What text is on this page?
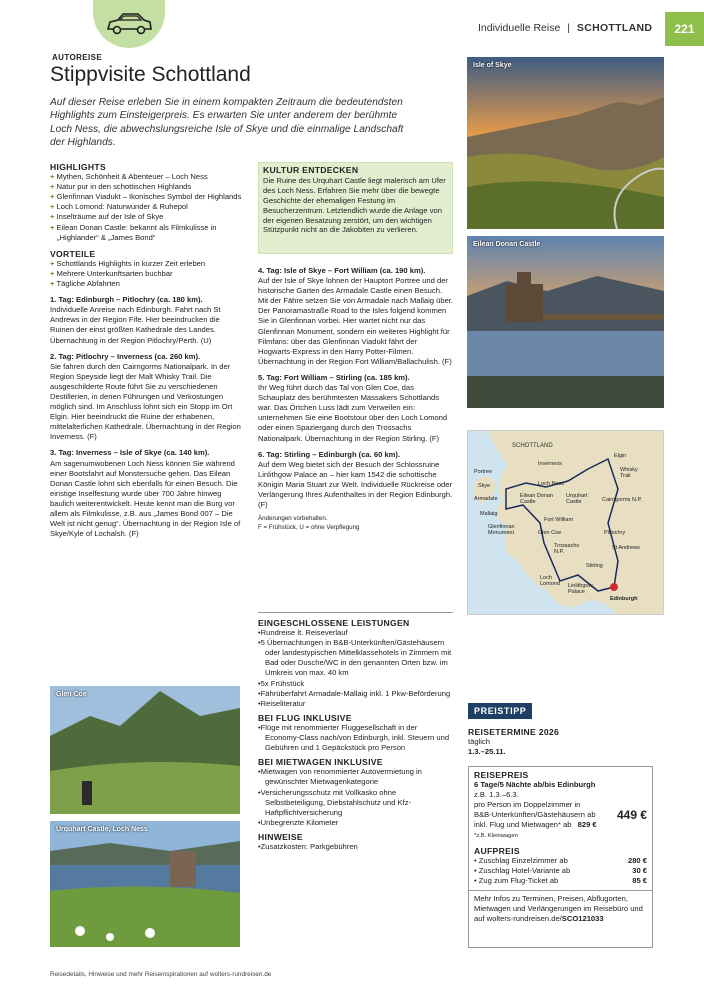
Individuelle Reise | SCHOTTLAND	221
AUTOREISE
Stippvisite Schottland
Auf dieser Reise erleben Sie in einem kompakten Zeitraum die bedeutendsten Highlights zum Einsteigerpreis. Es erwarten Sie unter anderem der berühmte Loch Ness, die abwechslungsreiche Isle of Skye und die einmalige Landschaft der Highlands.
HIGHLIGHTS
+ Mythen, Schönheit & Abenteuer – Loch Ness
+ Natur pur in den schottischen Highlands
+ Glenfinnan Viadukt – Ikonisches Symbol der Highlands
+ Loch Lomond: Naturwunder & Ruhepol
+ Inselträume auf der Isle of Skye
+ Eilean Donan Castle: bekannt als Filmkulisse in „Highlander“ & „James Bond“
VORTEILE
+ Schottlands Highlights in kurzer Zeit erleben
+ Mehrere Unterkunftsarten buchbar
+ Tägliche Abfahrten

1. Tag: Edinburgh – Pitlochry (ca. 180 km).
Individuelle Anreise nach Edinburgh. Fahrt nach St Andrews in der Region Fife. Hier beeindrucken die Ruinen der einst größten Kathedrale des Landes. Übernachtung in der Region Pitlochry/Perth. (U)

2. Tag: Pitlochry – Inverness (ca. 260 km).
Sie fahren durch den Cairngorms Nationalpark. In der Region Speyside liegt der Malt Whisky Trail. Die ausgeschilderte Route führt Sie zu verschiedenen Destillerien, in denen Führungen und Verkostungen möglich sind. Im Anschluss lohnt sich ein Stopp im Ort Elgin. Hier beeindruckt die Ruine der erhabenen, mittelalterlichen Kathedrale. Übernachtung in der Region Inverness. (F)

3. Tag: Inverness – Isle of Skye (ca. 140 km).
Am sagenumwobenen Loch Ness können Sie während einer Bootsfahrt auf Monstersuche gehen. Das Eilean Donan Castle lohnt sich ebenfalls für einen Besuch. Die einstige Inselfestung wurde über 700 Jahre hinweg baulich weiterentwickelt. Heute kennt man die Burg vor allem als Filmkulisse, z.B. aus „James Bond 007 – Die Welt ist nicht genug“. Übernachtung in der Region Isle of Skye/Kyle of Lochalsh. (F)

KULTUR ENTDECKEN
Die Ruine des Urquhart Castle liegt malerisch am Ufer des Loch Ness. Erfahren Sie mehr über die bewegte Geschichte der ehemaligen Festung im Besucherzentrum. Letztendlich wurde die Anlage von der eigenen Besatzung zerstört, um den wichtigen Stützpunkt nicht an die Jakobiten zu verlieren.

4. Tag: Isle of Skye – Fort William (ca. 190 km).
Auf der Isle of Skye lohnen der Hauptort Portree und der historische Garten des Armadale Castle einen Besuch. Mit der Fähre setzen Sie von Armadale nach Mallaig über. Der Panoramastraße Road to the Isles folgend kommen Sie in Glenfinnan vorbei. Hier wartet nicht nur das Glenfinnan Monument, sondern ein weiteres Highlight für Filmfans: über das Glenfinnan Viadukt fährt der Hogwarts-Express in den Harry Potter-Filmen. Übernachtung in der Region Fort William/Ballachulish. (F)

5. Tag: Fort William – Stirling (ca. 185 km).
Ihr Weg führt durch das Tal von Glen Coe, das Schauplatz des berühmtesten Massakers Schottlands war. Das Örtchen Luss lädt zum Verweilen ein: unternehmen Sie eine Bootstour über den Loch Lomond oder einen Spaziergang durch den Trossachs Nationalpark. Übernachtung in der Region Stirling. (F)

6. Tag: Stirling – Edinburgh (ca. 60 km).
Auf dem Weg bietet sich der Besuch der Schlossruine Linlithgow Palace an – hier kam 1542 die schottische Königin Maria Stuart zur Welt. Individuelle Rückreise oder Verlängerung Ihres Aufenthaltes in der Region Edinburgh. (F)

Änderungen vorbehalten.
F = Frühstück, U = ohne Verpflegung
EINGESCHLOSSENE LEISTUNGEN
• Rundreise lt. Reiseverlauf
• 5 Übernachtungen in B&B-Unterkünften/Gästehäusern oder landestypischen Mittelklassehotels in Zimmern mit Bad oder Dusche/WC in den genannten Orten bzw. im Umkreis von max. 40 km
• 5x Frühstück
• Fährüberfahrt Armadale-Mallaig inkl. 1 Pkw-Beförderung
• Reiseliteratur
BEI FLUG INKLUSIVE
• Flüge mit renommierter Fluggesellschaft in der Economy-Class nach/von Edinburgh, inkl. Steuern und Gebühren und 1 Gepäckstück pro Person
BEI MIETWAGEN INKLUSIVE
• Mietwagen von renommierter Autovermietung in gewünschter Mietwagenkategorie
• Versicherungsschutz mit Vollkasko ohne Selbstbeteiligung, Diebstahlschutz und Kfz-Haftpflichtversicherung
• Unbegrenzte Kilometer
HINWEISE
• Zusatzkosten: Parkgebühren
Isle of Skye
Eilean Donan Castle
SCHOTTLAND
Portree
Skye
Armadale
Mallaig
Glenfinnan Monument
Eilean Donan Castle
Inverness
Loch Ness
Urquhart Castle
Elgin
Whisky Trail
Cairngorms N.P.
Fort William
Glen Coe	Pitlochry
St Andrews
Trossachs N.P.
Stirling
Loch Lomond	Linlithgow Palace
Edinburgh
Glen Coe
Urquhart Castle, Loch Ness
PREISTIPP
REISETERMINE 2026
täglich
1.3.–25.11.
REISEPREIS
6 Tage/5 Nächte ab/bis Edinburgh
z.B. 1.3.–6.3.
pro Person im Doppelzimmer in
B&B-Unterkünften/Gästehäusern ab 449 €
inkl. Flug und Mietwagen* ab 829 €
*z.B. Kleinwagen
AUFPREIS
• Zuschlag Einzelzimmer ab	280 €
• Zuschlag Hotel-Variante ab	30 €
• Zug zum Flug-Ticket ab	85 €
Mehr Infos zu Terminen, Preisen, Abflugorten, Mietwagen und Verlängerungen im Reisebüro und auf wolters-rundreisen.de/SCO121033
Reisedetails, Hinweise und mehr Reiseinspirationen auf wolters-rundreisen.de
